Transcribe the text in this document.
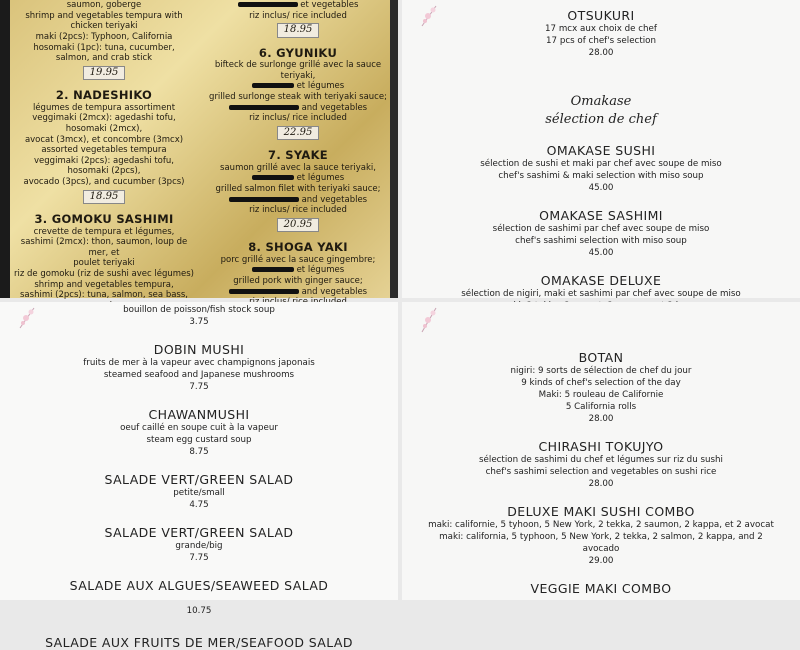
saumon, goberge
shrimp and vegetables tempura with
chicken teriyaki
maki (2pcs): Typhoon, California
hosomaki (1pc): tuna, cucumber,
salmon, and crab stick
19.95
2. NADESHIKO
légumes de tempura assortiment
veggimaki (2mcx): agedashi tofu,
hosomaki (2mcx),
avocat (3mcx), et concombre (3mcx)
assorted vegetables tempura
veggimaki (2pcs): agedashi tofu,
hosomaki (2pcs),
avocado (3pcs), and cucumber (3pcs)
18.95
3. GOMOKU SASHIMI
crevette de tempura et légumes,
sashimi (2mcx): thon, saumon, loup de mer, et
poulet teriyaki
riz de gomoku (riz de sushi avec légumes)
shrimp and vegetables tempura,
sashimi (2pcs): tuna, salmon, sea bass,
et vegetables
riz inclus/ rice included
18.95
6. GYUNIKU
bifteck de surlonge grillé avec la sauce teriyaki,
et légumes
grilled surlonge steak with teriyaki sauce;
and vegetables
riz inclus/ rice included
22.95
7. SYAKE
saumon grillé avec la sauce teriyaki,
et légumes
grilled salmon filet with teriyaki sauce;
and vegetables
riz inclus/ rice included
20.95
8. SHOGA YAKI
porc grillé avec la sauce gingembre;
et légumes
grilled pork with ginger sauce;
and vegetables
OTSUKURI
17 mcx aux choix de chef
17 pcs of chef's selection
28.00
Omakase
sélection de chef
OMAKASE SUSHI
sélection de sushi et maki par chef avec soupe de miso
chef's sashimi & maki selection with miso soup
45.00
OMAKASE SASHIMI
sélection de sashimi par chef avec soupe de miso
chef's sashimi selection with miso soup
45.00
OMAKASE DELUXE
sélection de nigiri, maki et sashimi par chef avec soupe de miso
bouillon de poisson/fish stock soup
3.75
DOBIN MUSHI
fruits de mer à la vapeur avec champignons japonais
steamed seafood and Japanese mushrooms
7.75
CHAWANMUSHI
oeuf caillé en soupe cuit à la vapeur
steam egg custard soup
8.75
SALADE VERT/GREEN SALAD
petite/small
4.75
SALADE VERT/GREEN SALAD
grande/big
7.75
SALADE AUX ALGUES/SEAWEED SALAD
10.75
SALADE AUX FRUITS DE MER/SEAFOOD SALAD
BOTAN
nigiri: 9 sorts de sélection de chef du jour
9 kinds of chef's selection of the day
Maki: 5 rouleau de Californie
5 California rolls
28.00
CHIRASHI TOKUJYO
sélection de sashimi du chef et légumes sur riz du sushi
chef's sashimi selection and vegetables on sushi rice
28.00
DELUXE MAKI SUSHI COMBO
maki: californie, 5 tyhoon, 5 New York, 2 tekka, 2 saumon, 2 kappa, et 2 avocat
maki: california, 5 typhoon, 5 New York, 2 tekka, 2 salmon, 2 kappa, and 2
avocado
29.00
VEGGIE MAKI COMBO
